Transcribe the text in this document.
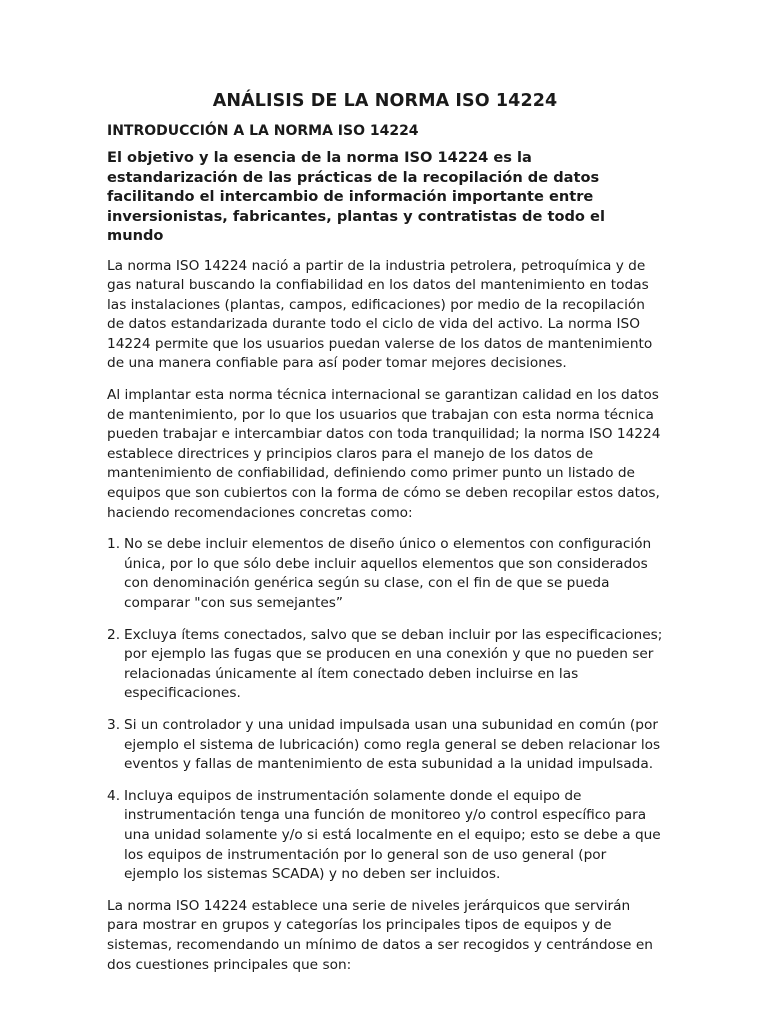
ANÁLISIS DE LA NORMA ISO 14224
INTRODUCCIÓN A LA NORMA ISO 14224

El objetivo y la esencia de la norma ISO 14224 es la estandarización de las prácticas de la recopilación de datos facilitando el intercambio de información importante entre inversionistas, fabricantes, plantas y contratistas de todo el mundo

La norma ISO 14224 nació a partir de la industria petrolera, petroquímica y de gas natural buscando la confiabilidad en los datos del mantenimiento en todas las instalaciones (plantas, campos, edificaciones) por medio de la recopilación de datos estandarizada durante todo el ciclo de vida del activo. La norma ISO 14224 permite que los usuarios puedan valerse de los datos de mantenimiento de una manera confiable para así poder tomar mejores decisiones.

Al implantar esta norma técnica internacional se garantizan calidad en los datos de mantenimiento, por lo que los usuarios que trabajan con esta norma técnica pueden trabajar e intercambiar datos con toda tranquilidad; la norma ISO 14224 establece directrices y principios claros para el manejo de los datos de mantenimiento de confiabilidad, definiendo como primer punto un listado de equipos que son cubiertos con la forma de cómo se deben recopilar estos datos, haciendo recomendaciones concretas como:

1. No se debe incluir elementos de diseño único o elementos con configuración única, por lo que sólo debe incluir aquellos elementos que son considerados con denominación genérica según su clase, con el fin de que se pueda comparar "con sus semejantes”
2. Excluya ítems conectados, salvo que se deban incluir por las especificaciones; por ejemplo las fugas que se producen en una conexión y que no pueden ser relacionadas únicamente al ítem conectado deben incluirse en las especificaciones.
3. Si un controlador y una unidad impulsada usan una subunidad en común (por ejemplo el sistema de lubricación) como regla general se deben relacionar los eventos y fallas de mantenimiento de esta subunidad a la unidad impulsada.
4. Incluya equipos de instrumentación solamente donde el equipo de instrumentación tenga una función de monitoreo y/o control específico para una unidad solamente y/o si está localmente en el equipo; esto se debe a que los equipos de instrumentación por lo general son de uso general (por ejemplo los sistemas SCADA) y no deben ser incluidos.

La norma ISO 14224 establece una serie de niveles jerárquicos que servirán para mostrar en grupos y categorías los principales tipos de equipos y de sistemas, recomendando un mínimo de datos a ser recogidos y centrándose en dos cuestiones principales que son:
